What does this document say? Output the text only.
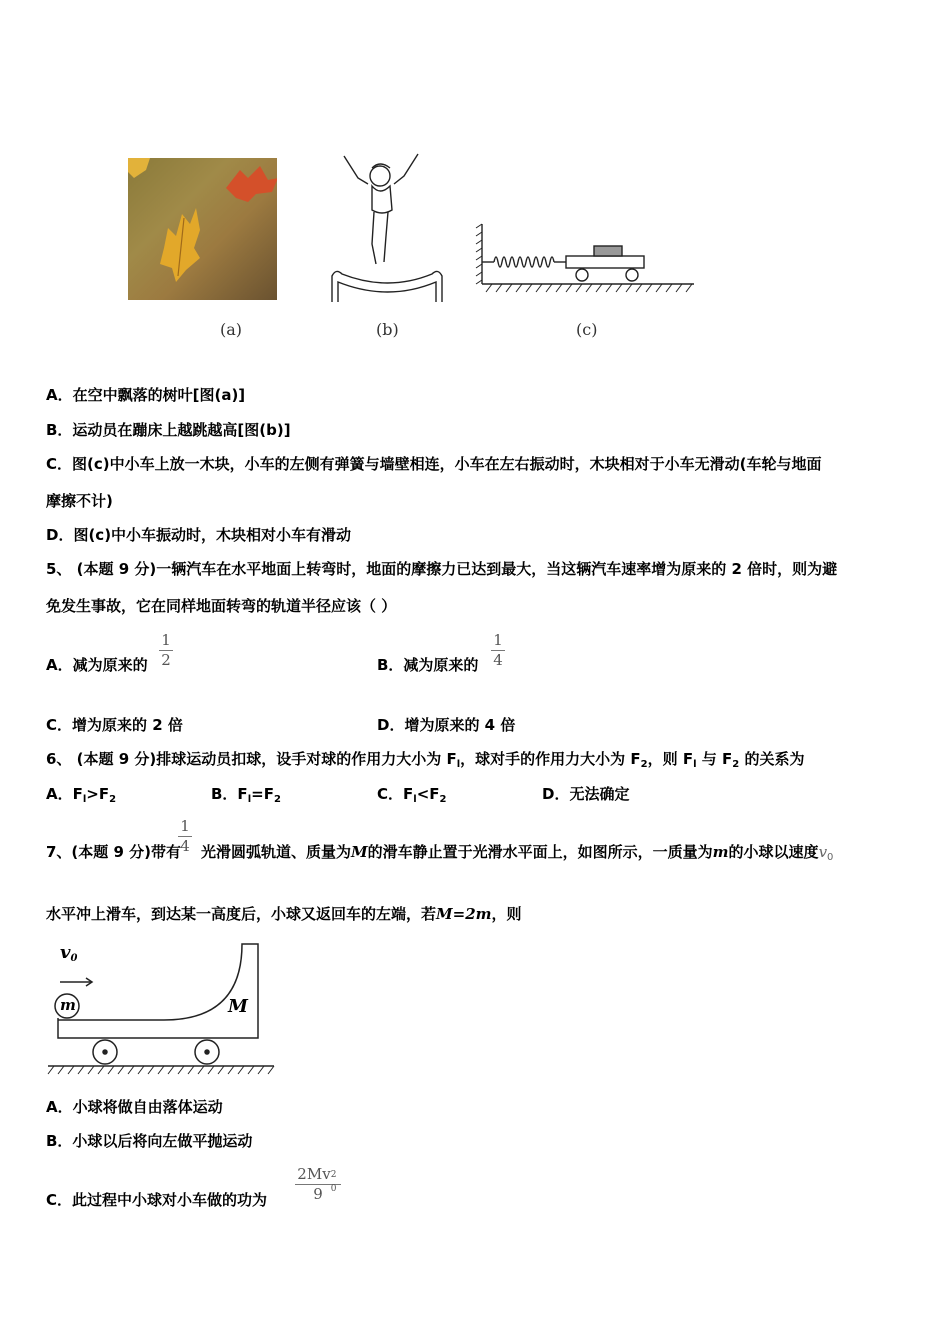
(a)	(b)	(c)
A．在空中飘落的树叶[图(a)]
B．运动员在蹦床上越跳越高[图(b)]
C．图(c)中小车上放一木块，小车的左侧有弹簧与墙壁相连，小车在左右振动时，木块相对于小车无滑动(车轮与地面
摩擦不计)
D．图(c)中小车振动时，木块相对小车有滑动
5、 (本题 9 分)一辆汽车在水平地面上转弯时，地面的摩擦力已达到最大，当这辆汽车速率增为原来的 2 倍时，则为避
免发生事故，它在同样地面转弯的轨道半径应该（ ）
A．减为原来的
1
2	B．减为原来的
1
4
C．增为原来的 2 倍	D．增为原来的 4 倍
6、 (本题 9 分)排球运动员扣球，设手对球的作用力大小为 $F_l$，球对手的作用力大小为 $F_2$，则 $F_l$ 与 $F_2$ 的关系为
A．$F_l>F_2$	B．$F_l=F_2$	C．$F_l<F_2$	D．无法确定
7、(本题 9 分)带有 光滑圆弧轨道、质量为M的滑车静止置于光滑水平面上，如图所示，一质量为m的小球以速度$v_0$
1
4
水平冲上滑车，到达某一高度后，小球又返回车的左端，若M=2m，则
$v_0$
m	M
A．小球将做自由落体运动
B．小球以后将向左做平抛运动
C．此过程中小球对小车做的功为
2Mv 2
0
9
